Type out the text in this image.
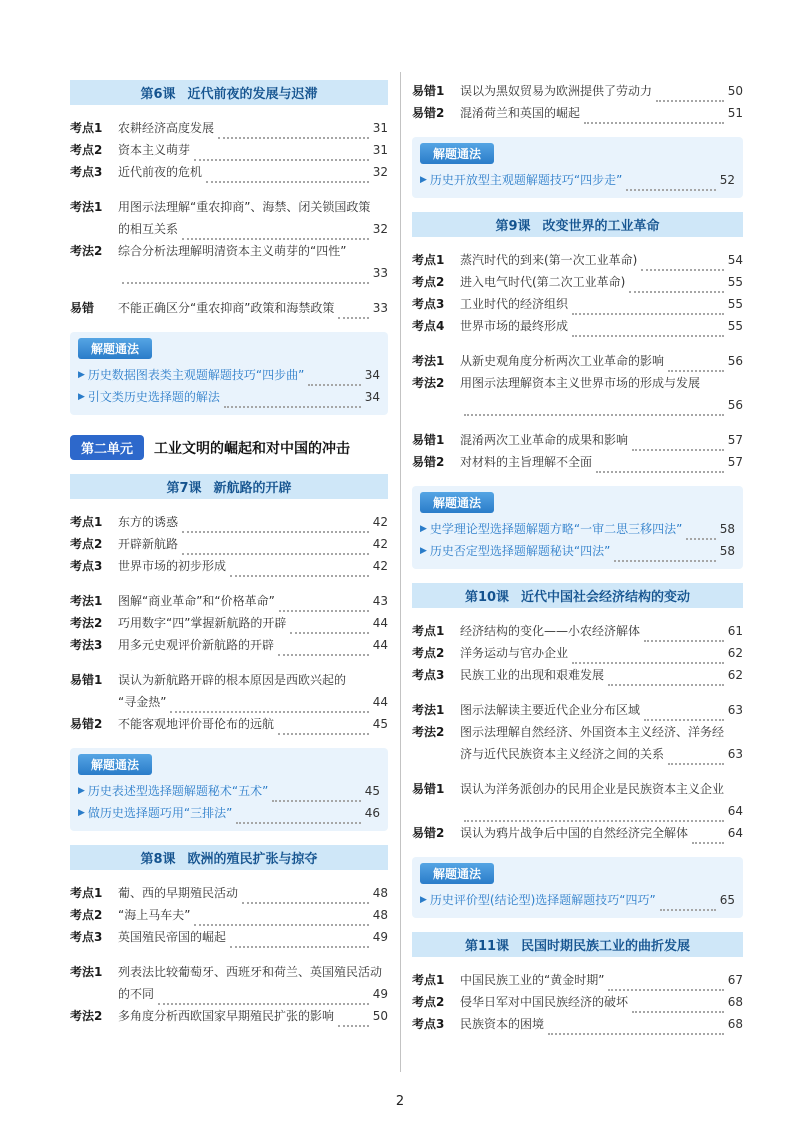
第6课 近代前夜的发展与迟滞
考点1	农耕经济高度发展	31
考点2	资本主义萌芽	31
考点3	近代前夜的危机	32
考法1	用图示法理解“重农抑商”、海禁、闭关锁国政策
的相互关系	32
考法2	综合分析法理解明清资本主义萌芽的“四性”
33
易错	不能正确区分“重农抑商”政策和海禁政策	33
解题通法
▶ 历史数据图表类主观题解题技巧“四步曲”	34
▶ 引文类历史选择题的解法	34
第二单元	工业文明的崛起和对中国的冲击
第7课 新航路的开辟
考点1	东方的诱惑	42
考点2	开辟新航路	42
考点3	世界市场的初步形成	42
考法1	图解“商业革命”和“价格革命”	43
考法2	巧用数字“四”掌握新航路的开辟	44
考法3	用多元史观评价新航路的开辟	44
易错1	误认为新航路开辟的根本原因是西欧兴起的
“寻金热”	44
易错2	不能客观地评价哥伦布的远航	45
解题通法
▶ 历史表述型选择题解题秘术“五术”	45
▶ 做历史选择题巧用“三排法”	46
第8课 欧洲的殖民扩张与掠夺
考点1	葡、西的早期殖民活动	48
考点2	“海上马车夫”	48
考点3	英国殖民帝国的崛起	49
考法1	列表法比较葡萄牙、西班牙和荷兰、英国殖民活动
的不同	49
考法2	多角度分析西欧国家早期殖民扩张的影响	50
易错1	误以为黑奴贸易为欧洲提供了劳动力	50
易错2	混淆荷兰和英国的崛起	51
解题通法
▶ 历史开放型主观题解题技巧“四步走”	52
第9课 改变世界的工业革命
考点1	蒸汽时代的到来(第一次工业革命)	54
考点2	进入电气时代(第二次工业革命)	55
考点3	工业时代的经济组织	55
考点4	世界市场的最终形成	55
考法1	从新史观角度分析两次工业革命的影响	56
考法2	用图示法理解资本主义世界市场的形成与发展
56
易错1	混淆两次工业革命的成果和影响	57
易错2	对材料的主旨理解不全面	57
解题通法
▶ 史学理论型选择题解题方略“一审二思三移四法”	58
▶ 历史否定型选择题解题秘诀“四法”	58
第10课 近代中国社会经济结构的变动
考点1	经济结构的变化——小农经济解体	61
考点2	洋务运动与官办企业	62
考点3	民族工业的出现和艰难发展	62
考法1	图示法解读主要近代企业分布区域	63
考法2	图示法理解自然经济、外国资本主义经济、洋务经
济与近代民族资本主义经济之间的关系	63
易错1	误认为洋务派创办的民用企业是民族资本主义企业
64
易错2	误认为鸦片战争后中国的自然经济完全解体	64
解题通法
▶ 历史评价型(结论型)选择题解题技巧“四巧”	65
第11课 民国时期民族工业的曲折发展
考点1	中国民族工业的“黄金时期”	67
考点2	侵华日军对中国民族经济的破坏	68
考点3	民族资本的困境	68
2
